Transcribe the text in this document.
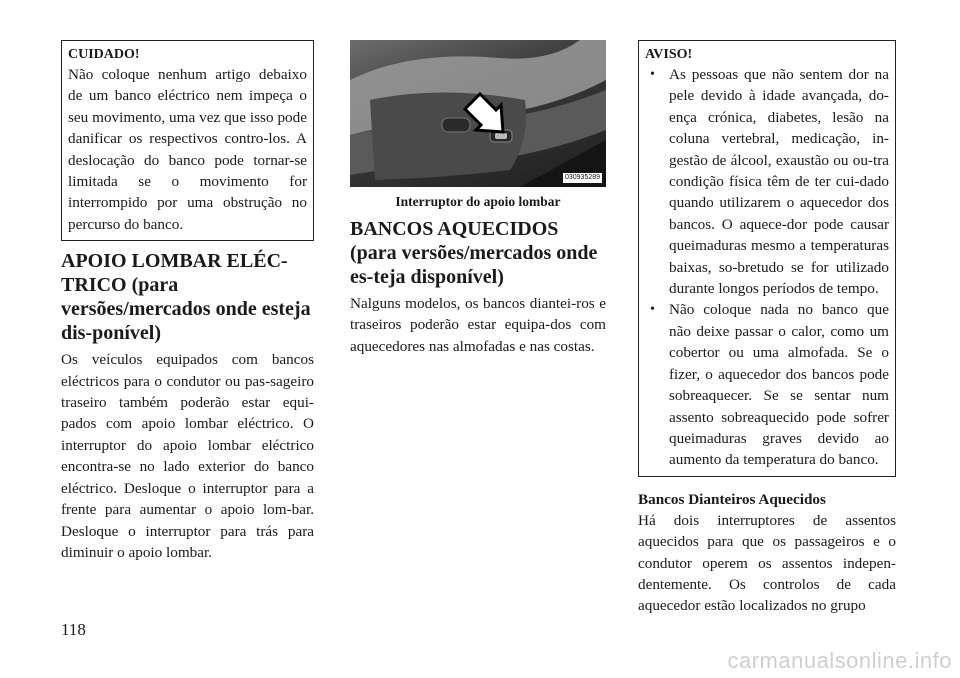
CUIDADO!

Não coloque nenhum artigo debaixo de um banco eléctrico nem impeça o seu movimento, uma vez que isso pode danificar os respectivos contro-los. A deslocação do banco pode tornar-se limitada se o movimento for interrompido por uma obstrução no percurso do banco.

APOIO LOMBAR ELÉC-TRICO (para versões/mercados onde esteja dis-ponível)

Os veículos equipados com bancos eléctricos para o condutor ou pas-sageiro traseiro também poderão estar equi-pados com apoio lombar eléctrico. O interruptor do apoio lombar eléctrico encontra-se no lado exterior do banco eléctrico. Desloque o interruptor para a frente para aumentar o apoio lom-bar. Desloque o interruptor para trás para diminuir o apoio lombar.

030935289
Interruptor do apoio lombar
BANCOS AQUECIDOS (para versões/mercados onde es-teja disponível)

Nalguns modelos, os bancos diantei-ros e traseiros poderão estar equipa-dos com aquecedores nas almofadas e nas costas.

AVISO!
• As pessoas que não sentem dor na pele devido à idade avançada, do-ença crónica, diabetes, lesão na coluna vertebral, medicação, in-gestão de álcool, exaustão ou ou-tra condição física têm de ter cui-dado quando utilizarem o aquecedor dos bancos. O aquece-dor pode causar queimaduras mesmo a temperaturas baixas, so-bretudo se for utilizado durante longos períodos de tempo.
• Não coloque nada no banco que não deixe passar o calor, como um cobertor ou uma almofada. Se o fizer, o aquecedor dos bancos pode sobreaquecer. Se se sentar num assento sobreaquecido pode sofrer queimaduras graves devido ao aumento da temperatura do banco.

Bancos Dianteiros Aquecidos

Há dois interruptores de assentos aquecidos para que os passageiros e o condutor operem os assentos indepen-dentemente. Os controlos de cada aquecedor estão localizados no grupo

118
carmanualsonline.info
